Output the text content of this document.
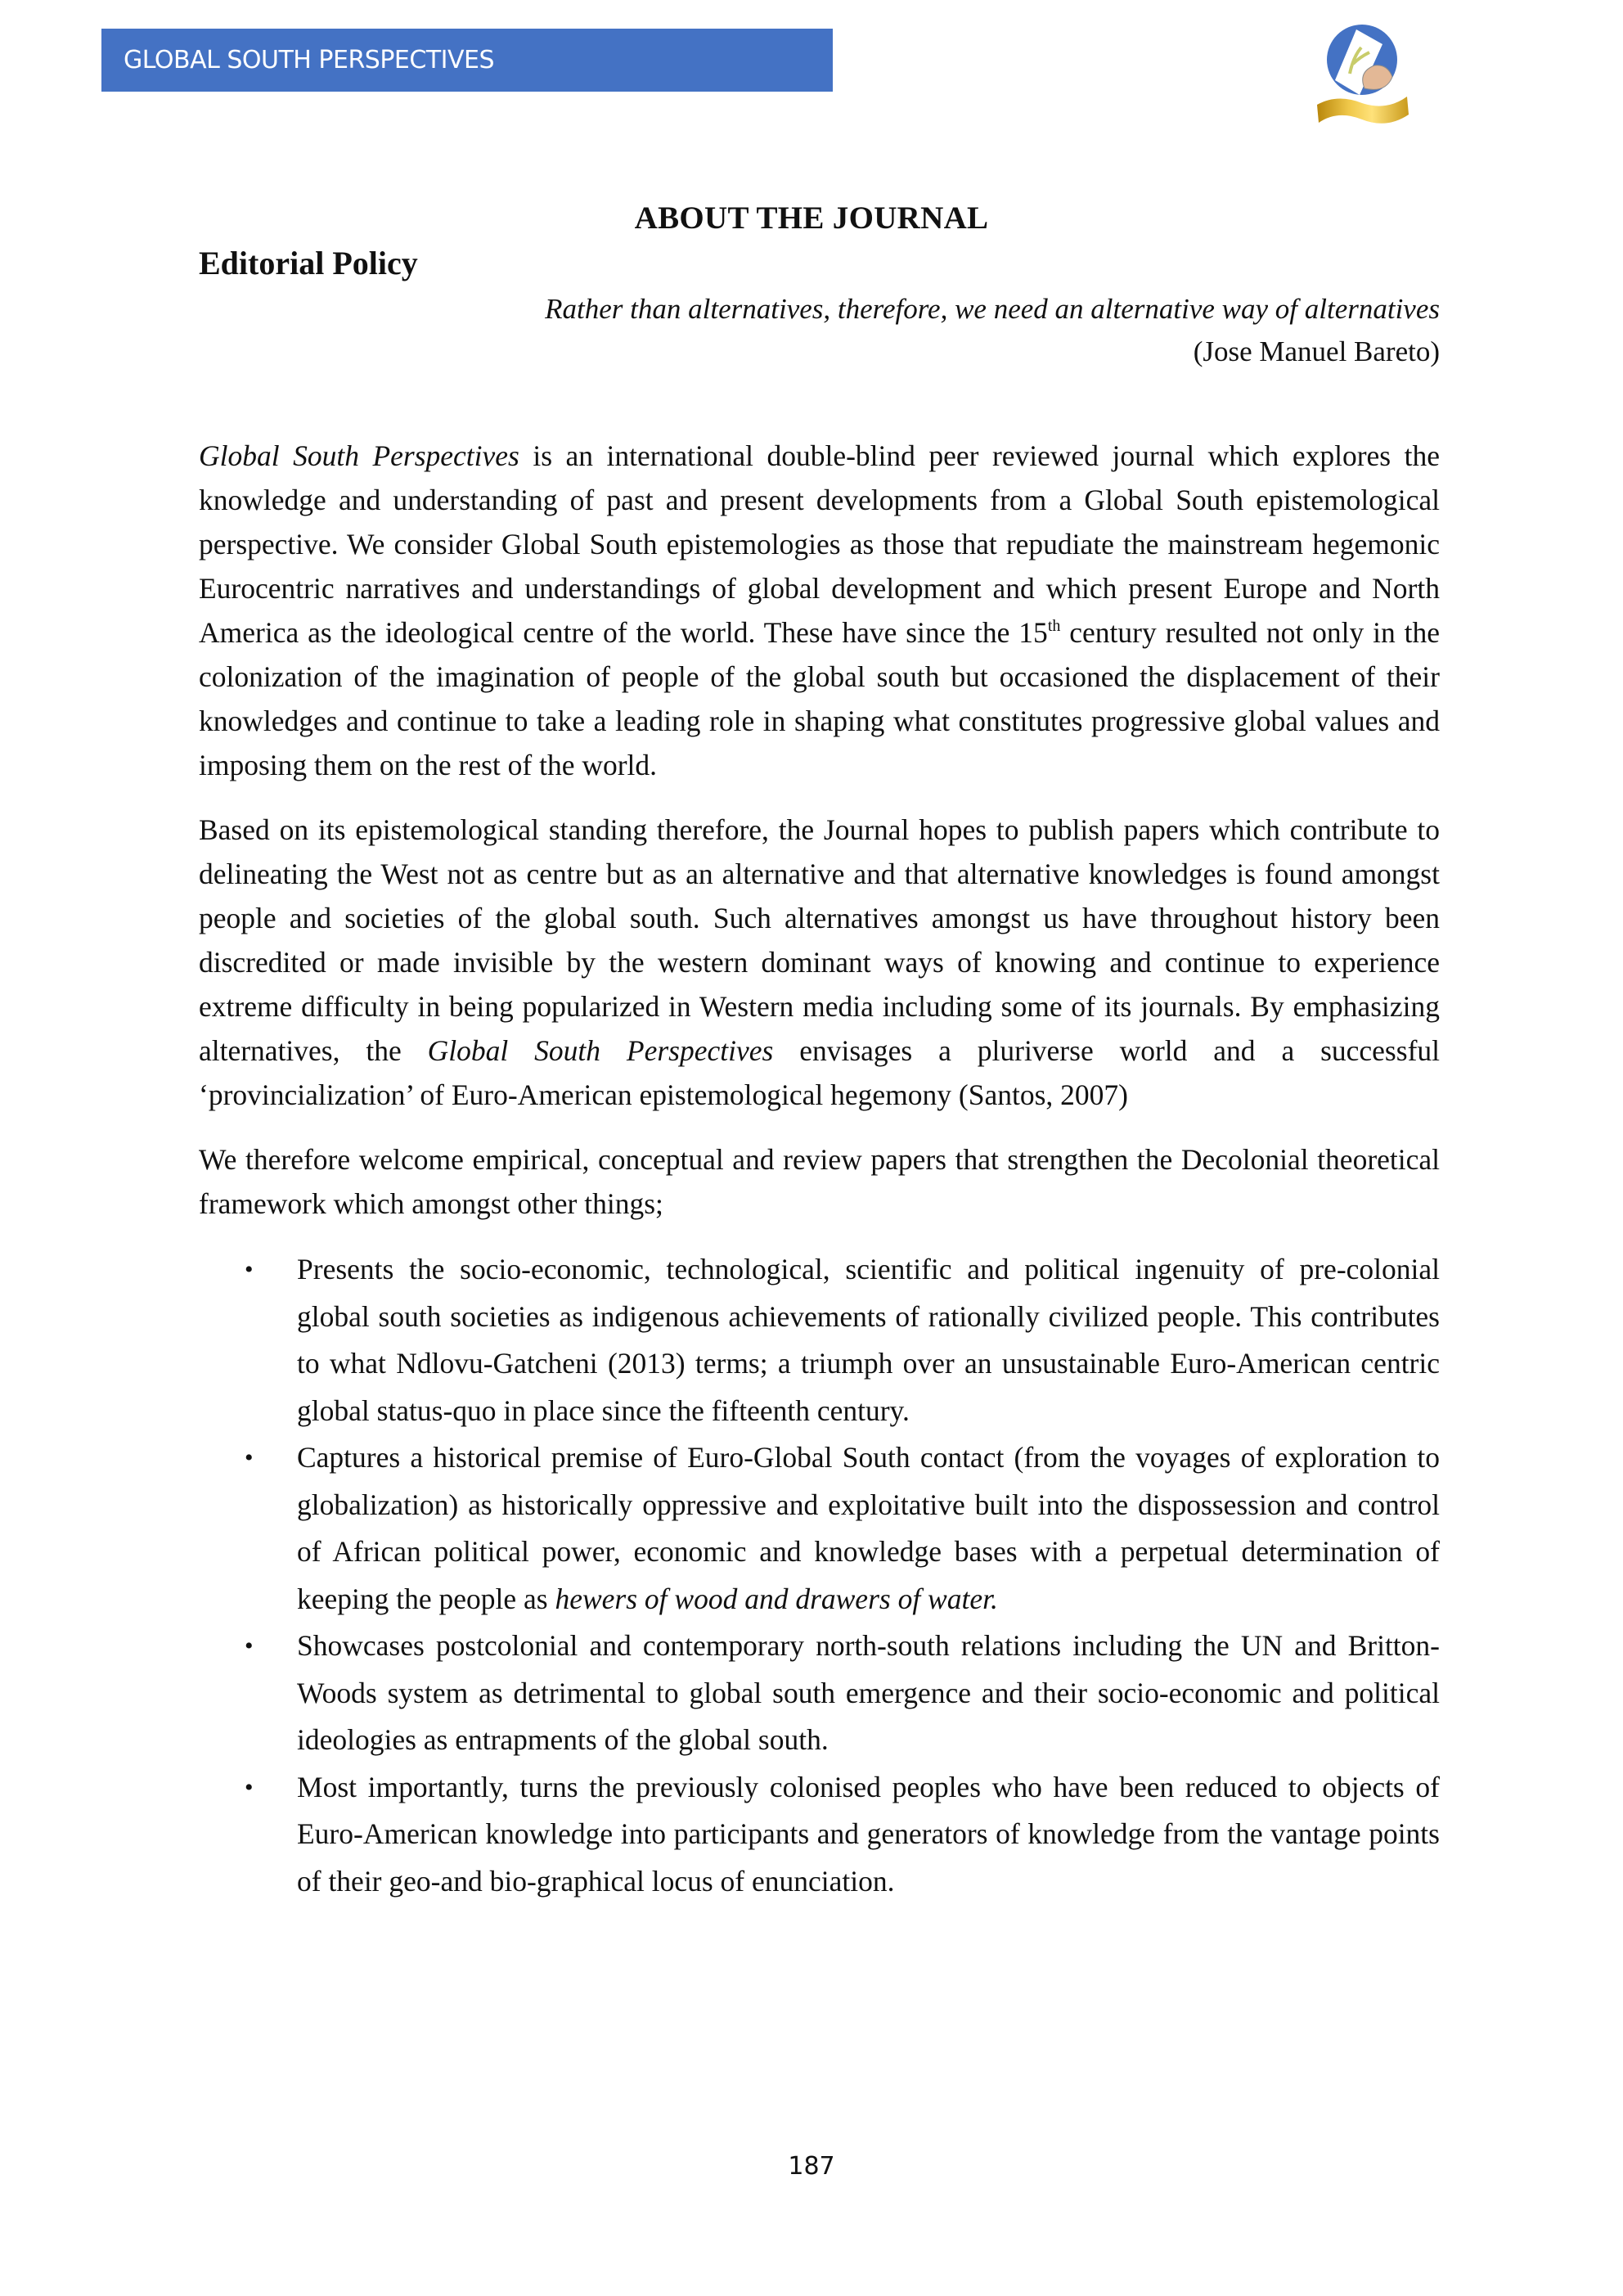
GLOBAL SOUTH PERSPECTIVES
ABOUT THE JOURNAL
Editorial Policy
Rather than alternatives, therefore, we need an alternative way of alternatives
(Jose Manuel Bareto)

Global South Perspectives is an international double-blind peer reviewed journal which explores the knowledge and understanding of past and present developments from a Global South epistemological perspective. We consider Global South epistemologies as those that repudiate the mainstream hegemonic Eurocentric narratives and understandings of global development and which present Europe and North America as the ideological centre of the world. These have since the 15th century resulted not only in the colonization of the imagination of people of the global south but occasioned the displacement of their knowledges and continue to take a leading role in shaping what constitutes progressive global values and imposing them on the rest of the world.

Based on its epistemological standing therefore, the Journal hopes to publish papers which contribute to delineating the West not as centre but as an alternative and that alternative knowledges is found amongst people and societies of the global south. Such alternatives amongst us have throughout history been discredited or made invisible by the western dominant ways of knowing and continue to experience extreme difficulty in being popularized in Western media including some of its journals. By emphasizing alternatives, the Global South Perspectives envisages a pluriverse world and a successful ‘provincialization’ of Euro-American epistemological hegemony (Santos, 2007)

We therefore welcome empirical, conceptual and review papers that strengthen the Decolonial theoretical framework which amongst other things;

• Presents the socio-economic, technological, scientific and political ingenuity of pre-colonial global south societies as indigenous achievements of rationally civilized people. This contributes to what Ndlovu-Gatcheni (2013) terms; a triumph over an unsustainable Euro-American centric global status-quo in place since the fifteenth century.
• Captures a historical premise of Euro-Global South contact (from the voyages of exploration to globalization) as historically oppressive and exploitative built into the dispossession and control of African political power, economic and knowledge bases with a perpetual determination of keeping the people as hewers of wood and drawers of water.
• Showcases postcolonial and contemporary north-south relations including the UN and Britton-Woods system as detrimental to global south emergence and their socio-economic and political ideologies as entrapments of the global south.
• Most importantly, turns the previously colonised peoples who have been reduced to objects of Euro-American knowledge into participants and generators of knowledge from the vantage points of their geo-and bio-graphical locus of enunciation.
187
